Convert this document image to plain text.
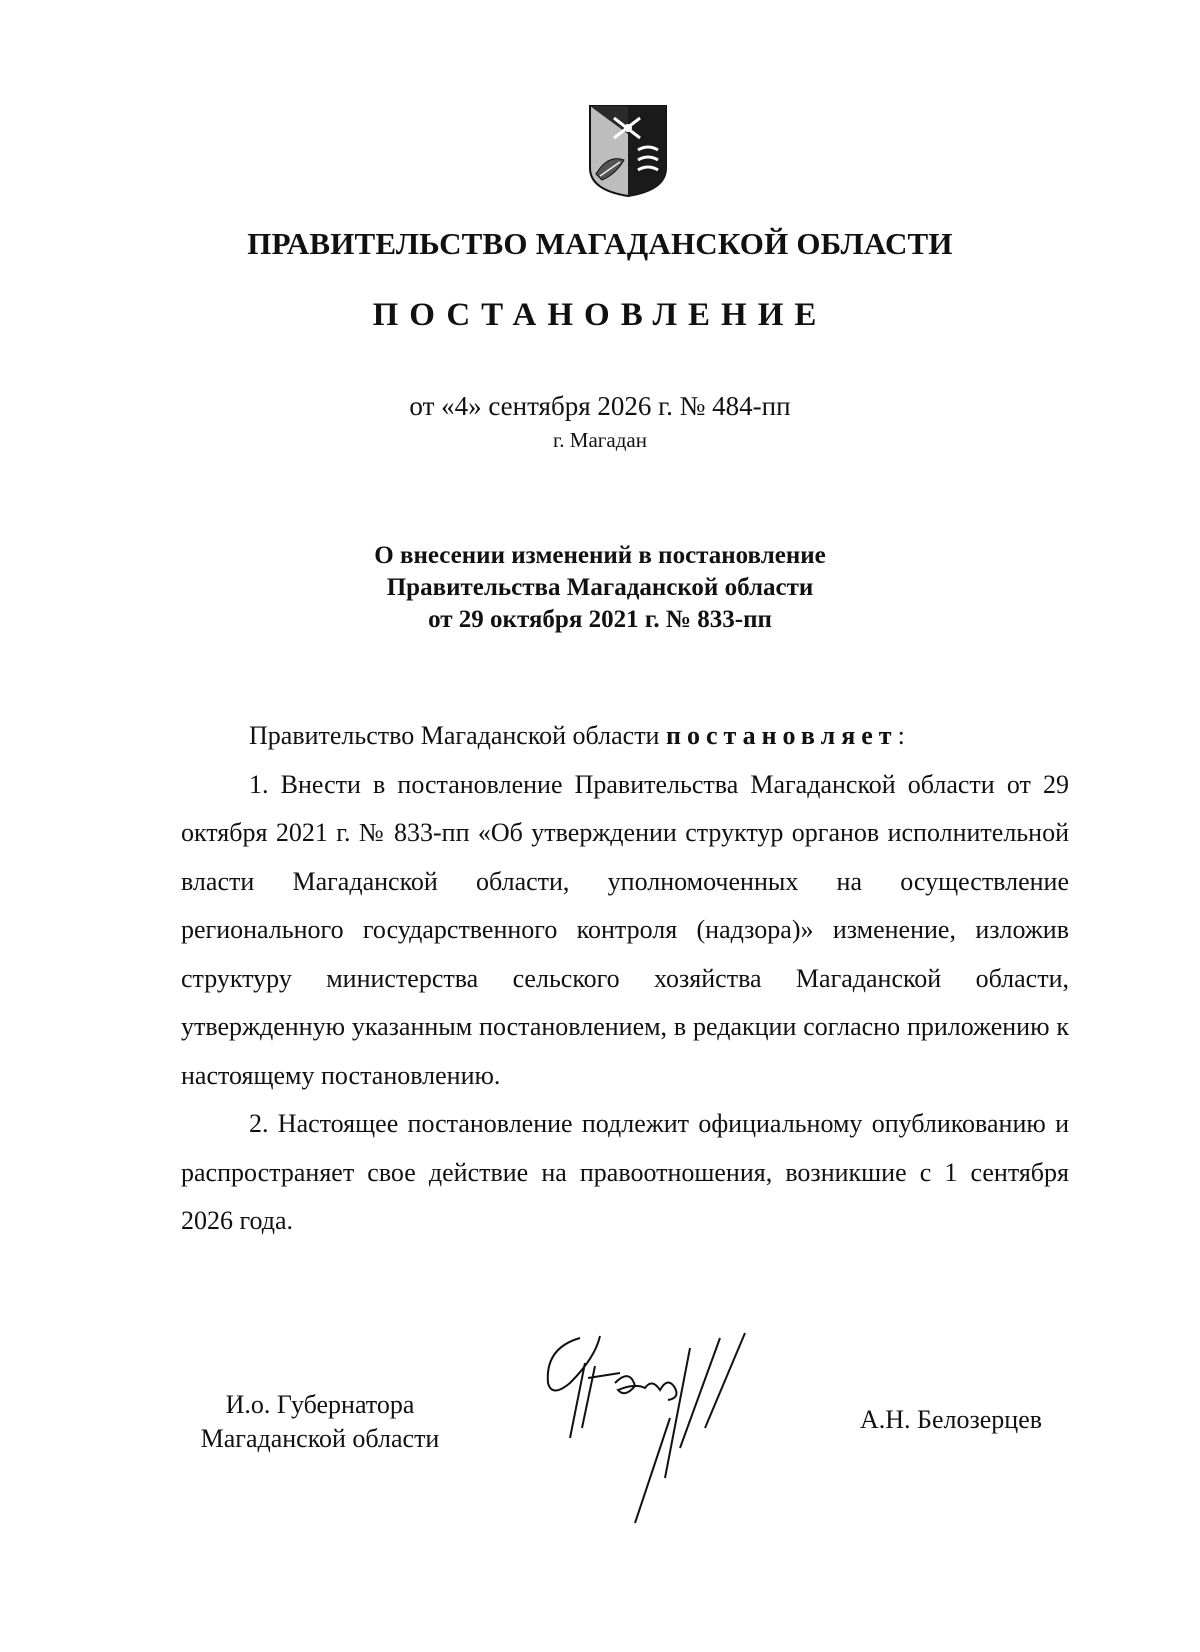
ПРАВИТЕЛЬСТВО МАГАДАНСКОЙ ОБЛАСТИ
ПОСТАНОВЛЕНИЕ
от «4» сентября 2026 г. № 484-пп
г. Магадан
О внесении изменений в постановление
Правительства Магаданской области
от 29 октября 2021 г. № 833-пп
Правительство Магаданской области постановляет:

1. Внести в постановление Правительства Магаданской области от 29 октября 2021 г. № 833-пп «Об утверждении структур органов исполнительной власти Магаданской области, уполномоченных на осуществление регионального государственного контроля (надзора)» изменение, изложив структуру министерства сельского хозяйства Магаданской области, утвержденную указанным постановлением, в редакции согласно приложению к настоящему постановлению.

2. Настоящее постановление подлежит официальному опубликованию и распространяет свое действие на правоотношения, возникшие с 1 сентября 2026 года.

И.о. Губернатора
Магаданской области
А.Н. Белозерцев
